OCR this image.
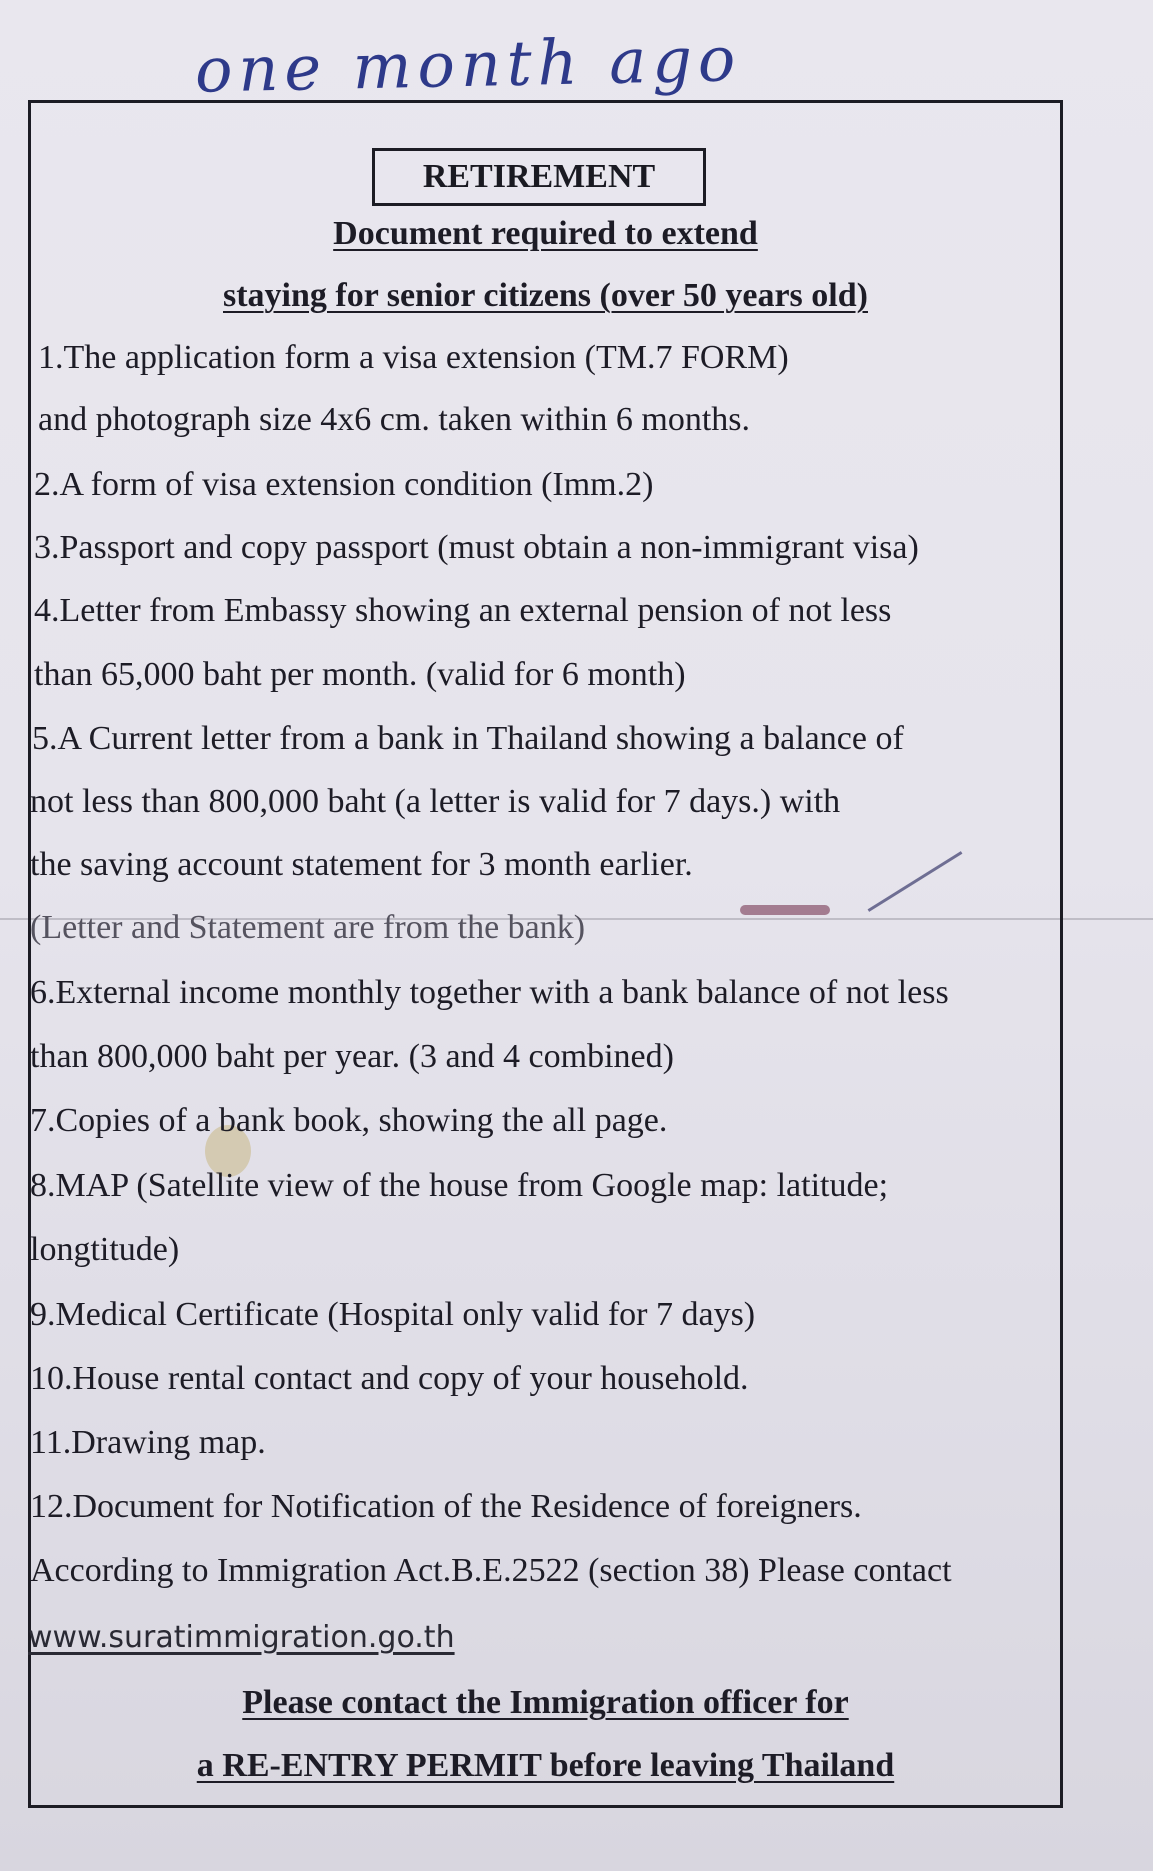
one month ago
RETIREMENT
Document required to extend
staying for senior citizens (over 50 years old)
1.The application form a visa extension (TM.7 FORM)
and photograph size 4x6 cm. taken within 6 months.
2.A form of visa extension condition (Imm.2)
3.Passport and copy passport (must obtain a non-immigrant visa)
4.Letter from Embassy showing an external pension of not less
than 65,000 baht per month. (valid for 6 month)
5.A Current letter from a bank in Thailand showing a balance of
not less than 800,000 baht (a letter is valid for 7 days.) with
the saving account statement for 3 month earlier.
(Letter and Statement are from the bank)
6.External income monthly together with a bank balance of not less
than 800,000 baht per year. (3 and 4 combined)
7.Copies of a bank book, showing the all page.
8.MAP (Satellite view of the house from Google map: latitude;
longtitude)
9.Medical Certificate (Hospital only valid for 7 days)
10.House rental contact and copy of your household.
11.Drawing map.
12.Document for Notification of the Residence of foreigners.
According to Immigration Act.B.E.2522 (section 38) Please contact
www.suratimmigration.go.th
Please contact the Immigration officer for
a RE-ENTRY PERMIT before leaving Thailand
